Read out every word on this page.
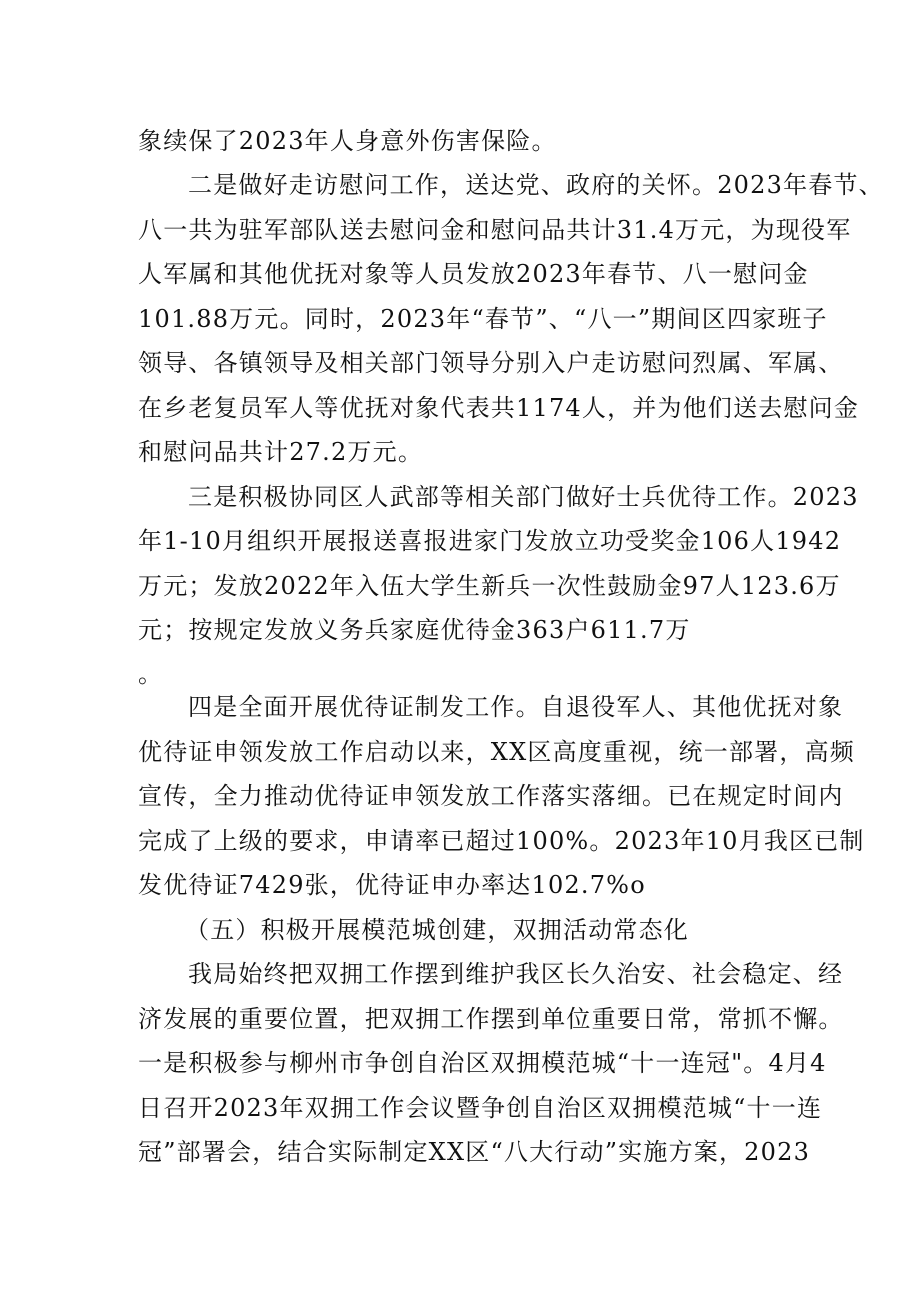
象续保了2023年人身意外伤害保险。
二是做好走访慰问工作，送达党、政府的关怀。2023年春节、
八一共为驻军部队送去慰问金和慰问品共计31.4万元，为现役军
人军属和其他优抚对象等人员发放2023年春节、八一慰问金
101.88万元。同时，2023年“春节”、“八一”期间区四家班子
领导、各镇领导及相关部门领导分别入户走访慰问烈属、军属、
在乡老复员军人等优抚对象代表共1174人，并为他们送去慰问金
和慰问品共计27.2万元。
三是积极协同区人武部等相关部门做好士兵优待工作。2023
年1-10月组织开展报送喜报进家门发放立功受奖金106人1942
万元；发放2022年入伍大学生新兵一次性鼓励金97人123.6万
元；按规定发放义务兵家庭优待金363户611.7万
。
四是全面开展优待证制发工作。自退役军人、其他优抚对象
优待证申领发放工作启动以来，XX区高度重视，统一部署，高频
宣传，全力推动优待证申领发放工作落实落细。已在规定时间内
完成了上级的要求，申请率已超过100%。2023年10月我区已制
发优待证7429张，优待证申办率达102.7%o
（五）积极开展模范城创建，双拥活动常态化
我局始终把双拥工作摆到维护我区长久治安、社会稳定、经
济发展的重要位置，把双拥工作摆到单位重要日常，常抓不懈。
一是积极参与柳州市争创自治区双拥模范城“十一连冠"。4月4
日召开2023年双拥工作会议暨争创自治区双拥模范城“十一连
冠”部署会，结合实际制定XX区“八大行动”实施方案，2023
